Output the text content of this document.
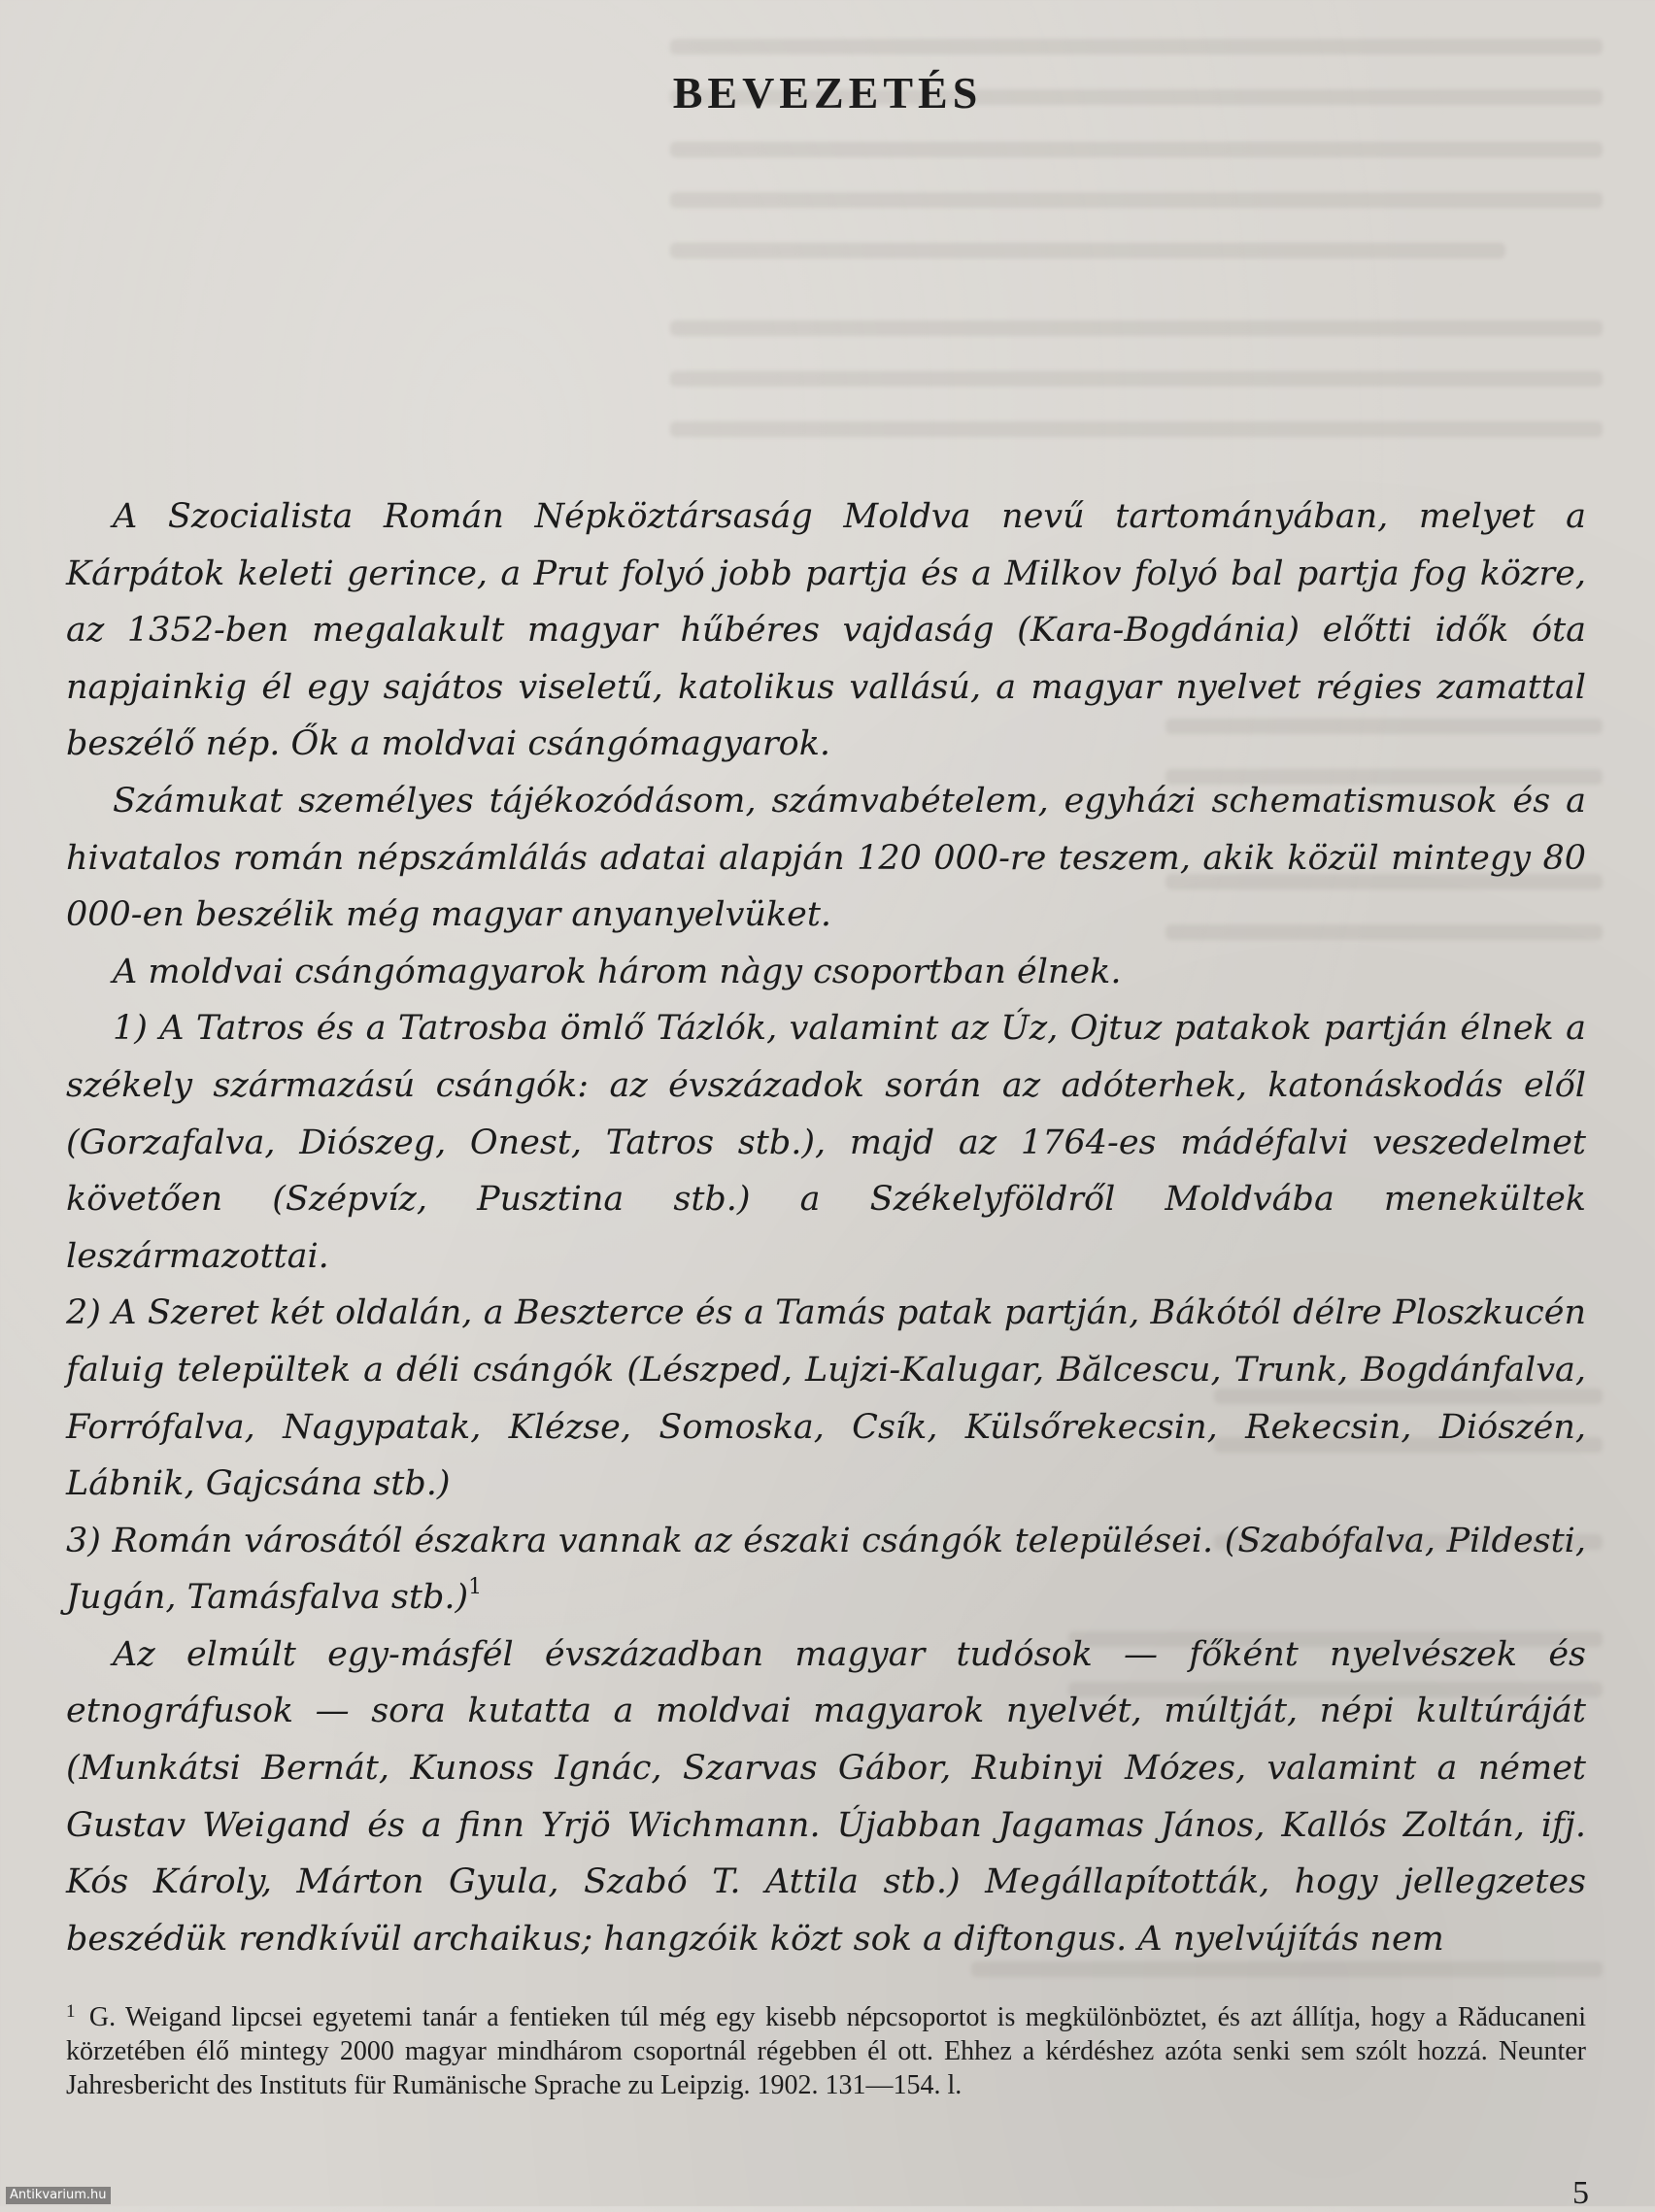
BEVEZETÉS

A Szocialista Román Népköztársaság Moldva nevű tartományában, melyet a Kárpátok keleti gerince, a Prut folyó jobb partja és a Milkov folyó bal partja fog közre, az 1352-ben megalakult magyar hűbéres vajdaság (Kara-Bogdánia) előtti idők óta napjainkig él egy sajátos viseletű, katolikus vallású, a magyar nyelvet régies zamattal beszélő nép. Ők a moldvai csángómagyarok.

Számukat személyes tájékozódásom, számvabételem, egyházi schematismusok és a hivatalos román népszámlálás adatai alapján 120 000-re teszem, akik közül mintegy 80 000-en beszélik még magyar anyanyelvüket.

A moldvai csángómagyarok három nàgy csoportban élnek.

1) A Tatros és a Tatrosba ömlő Tázlók, valamint az Úz, Ojtuz patakok partján élnek a székely származású csángók: az évszázadok során az adóterhek, katonáskodás elől (Gorzafalva, Diószeg, Onest, Tatros stb.), majd az 1764-es mádéfalvi veszedelmet követően (Szépvíz, Pusztina stb.) a Székelyföldről Moldvába menekültek leszármazottai.

2) A Szeret két oldalán, a Beszterce és a Tamás patak partján, Bákótól délre Ploszkucén faluig települtek a déli csángók (Lészped, Lujzi-Kalugar, Bălcescu, Trunk, Bogdánfalva, Forrófalva, Nagypatak, Klézse, Somoska, Csík, Külsőrekecsin, Rekecsin, Diószén, Lábnik, Gajcsána stb.)

3) Román városától északra vannak az északi csángók települései. (Szabófalva, Pildesti, Jugán, Tamásfalva stb.)$^1$

Az elmúlt egy-másfél évszázadban magyar tudósok — főként nyelvészek és etnográfusok — sora kutatta a moldvai magyarok nyelvét, múltját, népi kultúráját (Munkátsi Bernát, Kunoss Ignác, Szarvas Gábor, Rubinyi Mózes, valamint a német Gustav Weigand és a finn Yrjö Wichmann. Újabban Jagamas János, Kallós Zoltán, ifj. Kós Károly, Márton Gyula, Szabó T. Attila stb.) Megállapították, hogy jellegzetes beszédük rendkívül archaikus; hangzóik közt sok a diftongus. A nyelvújítás nem

$^1$ G. Weigand lipcsei egyetemi tanár a fentieken túl még egy kisebb népcsoportot is megkülönböztet, és azt állítja, hogy a Răducaneni körzetében élő mintegy 2000 magyar mindhárom csoportnál régebben él ott. Ehhez a kérdéshez azóta senki sem szólt hozzá. Neunter Jahresbericht des Instituts für Rumänische Sprache zu Leipzig. 1902. 131—154. l.
5
Antikvarium.hu
